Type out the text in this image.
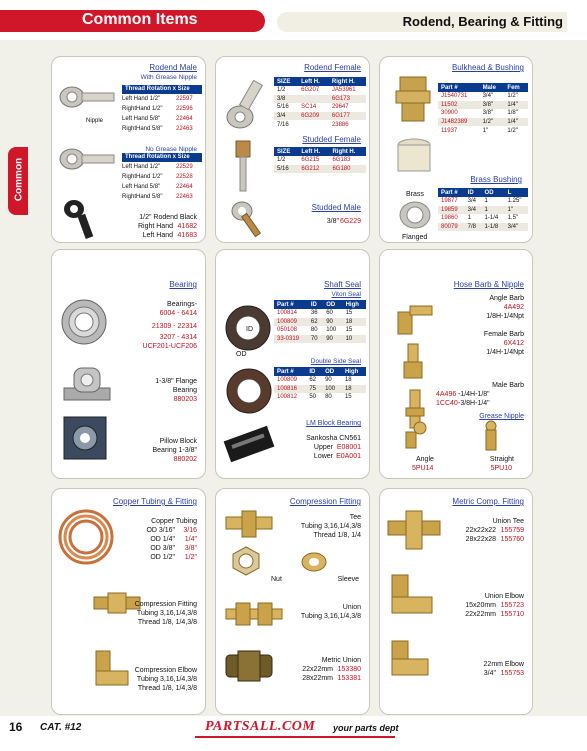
Common Items	Rodend, Bearing & Fitting
Common
Rodend Male
With Grease Nipple
Nipple
Thread Rotation x Size
Left Hand 1/2"	22597
RightHand 1/2" 22596
Left Hand 5/8"	22464
RightHand 5/8" 22463
No Grease Nipple
Thread Rotation x Size
Left Hand 1/2"	22529
RightHand 1/2" 22528
Left Hand 5/8"	22464
RightHand 5/8" 22463
1/2" Rodend Black
Right Hand 41682
Left Hand 41683
Rodend Female
SIZE	Left H.	Right H.
1/2	6G207	JA53961
3/8		6G173
5/16	SC14	29647
3/4	6G209	6G177
7/16		23886
Studded Female
SIZE	Left H.	Right H.
1/2	6G215	6G183
5/16	6G212	6G180
Studded Male
3/8" 6G229
Bulkhead & Bushing
Part #	Male	Fem
J1540731	3/4"	1/2"
11502	3/8"	1/4"
30900	3/8"	1/8"
J1482389	1/2"	1/4"
11937	1"	1/2"
Brass Bushing
Brass
Flanged
Part #	ID	OD	L
19877	3/4	1	1.25"
19859	3/4	1	1"
19860	1	1-1/4	1.5"
80079	7/8	1-1/8	3/4"
Bearing
Bearings-
6004 - 6414
21309 - 22314
3207 - 4314
UCF201-UCF206
1-3/8" Flange
Bearing
880203
Pillow Block
Bearing 1-3/8"
880202
Shaft Seal
Viton Seal
ID
OD
Part #	ID	OD	High
100814	36	60	15
100809	62	90	18
050108	80	100	15
33-0319	70	90	10
Double Side Seal
Part #	ID	OD	High
100809	62	90	18
100816	75	100	18
100812	50	80	15
LM Block Bearing
Sankosha CN561
Upper E08001
Lower E0A001
Hose Barb & Nipple
Angle Barb
4A492
1/8H-1/4Npt
Female Barb
6X412
1/4H-1/4Npt
Male Barb
4A496 -1/4H-1/8"
1CC40 -3/8H-1/4"
Grease Nipple
Angle
5PU14
Straight
5PU10
Copper Tubing & Fitting
Copper Tubing
OD 3/16" 3/16
OD 1/4" 1/4"
OD 3/8" 3/8"
OD 1/2" 1/2"
Compression Fitting
Tubing 3,16,1/4,3/8
Thread 1/8, 1/4,3/8
Compression Elbow
Tubing 3,16,1/4,3/8
Thread 1/8, 1/4,3/8
Compression Fitting
Tee
Tubing 3,16,1/4,3/8
Thread 1/8, 1/4
Nut	Sleeve
Union
Tubing 3,16,1/4,3/8
Metric Union
22x22mm 153380
28x22mm 153381
Metric Comp. Fitting
Union Tee
22x22x22 155759
28x22x28 155760
Union Elbow
15x20mm 155723
22x22mm 155710
22mm Elbow
3/4" 155753
16 CAT. #12	PARTSALL.COM your parts dept
